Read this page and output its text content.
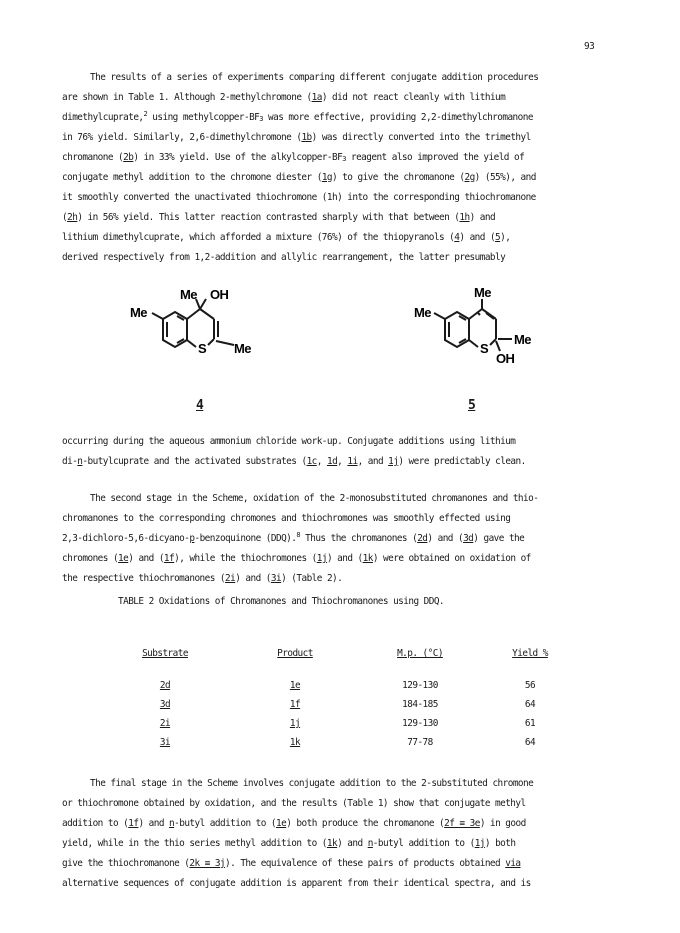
93

The results of a series of experiments comparing different conjugate addition procedures

are shown in Table 1. Although 2-methylchromone (1a) did not react cleanly with lithium

dimethylcuprate,$^2$ using methylcopper-$BF_3$ was more effective, providing 2,2-dimethylchromanone

in 76% yield. Similarly, 2,6-dimethylchromone (1b) was directly converted into the trimethyl

chromanone (2b) in 33% yield. Use of the alkylcopper-$BF_3$ reagent also improved the yield of

conjugate methyl addition to the chromone diester (1g) to give the chromanone (2g) (55%), and

it smoothly converted the unactivated thiochromone (1h) into the corresponding thiochromanone

(2h) in 56% yield. This latter reaction contrasted sharply with that between (1h) and

lithium dimethylcuprate, which afforded a mixture (76%) of the thiopyranols (4) and (5),

derived respectively from 1,2-addition and allylic rearrangement, the latter presumably

Me OH
Me
S Me
4
Me
Me
S
Me
OH
5

occurring during the aqueous ammonium chloride work-up. Conjugate additions using lithium

di-n-butylcuprate and the activated substrates (1c, 1d, 1i, and 1j) were predictably clean.

The second stage in the Scheme, oxidation of the 2-monosubstituted chromanones and thio-

chromanones to the corresponding chromones and thiochromones was smoothly effected using

2,3-dichloro-5,6-dicyano-p-benzoquinone (DDQ).$^8$ Thus the chromanones (2d) and (3d) gave the

chromones (1e) and (1f), while the thiochromones (1j) and (1k) were obtained on oxidation of

the respective thiochromanones (2i) and (3i) (Table 2).

TABLE 2 Oxidations of Chromanones and Thiochromanones using DDQ.
Substrate	Product	M.p. (°C)	Yield %
2d	1e	129-130	56
3d	1f	184-185	64
2i	1j	129-130	61
3i	1k	77-78	64

The final stage in the Scheme involves conjugate addition to the 2-substituted chromone

or thiochromone obtained by oxidation, and the results (Table 1) show that conjugate methyl

addition to (1f) and n-butyl addition to (1e) both produce the chromanone (2f ≡ 3e) in good

yield, while in the thio series methyl addition to (1k) and n-butyl addition to (1j) both

give the thiochromanone (2k ≡ 3j). The equivalence of these pairs of products obtained via

alternative sequences of conjugate addition is apparent from their identical spectra, and is
